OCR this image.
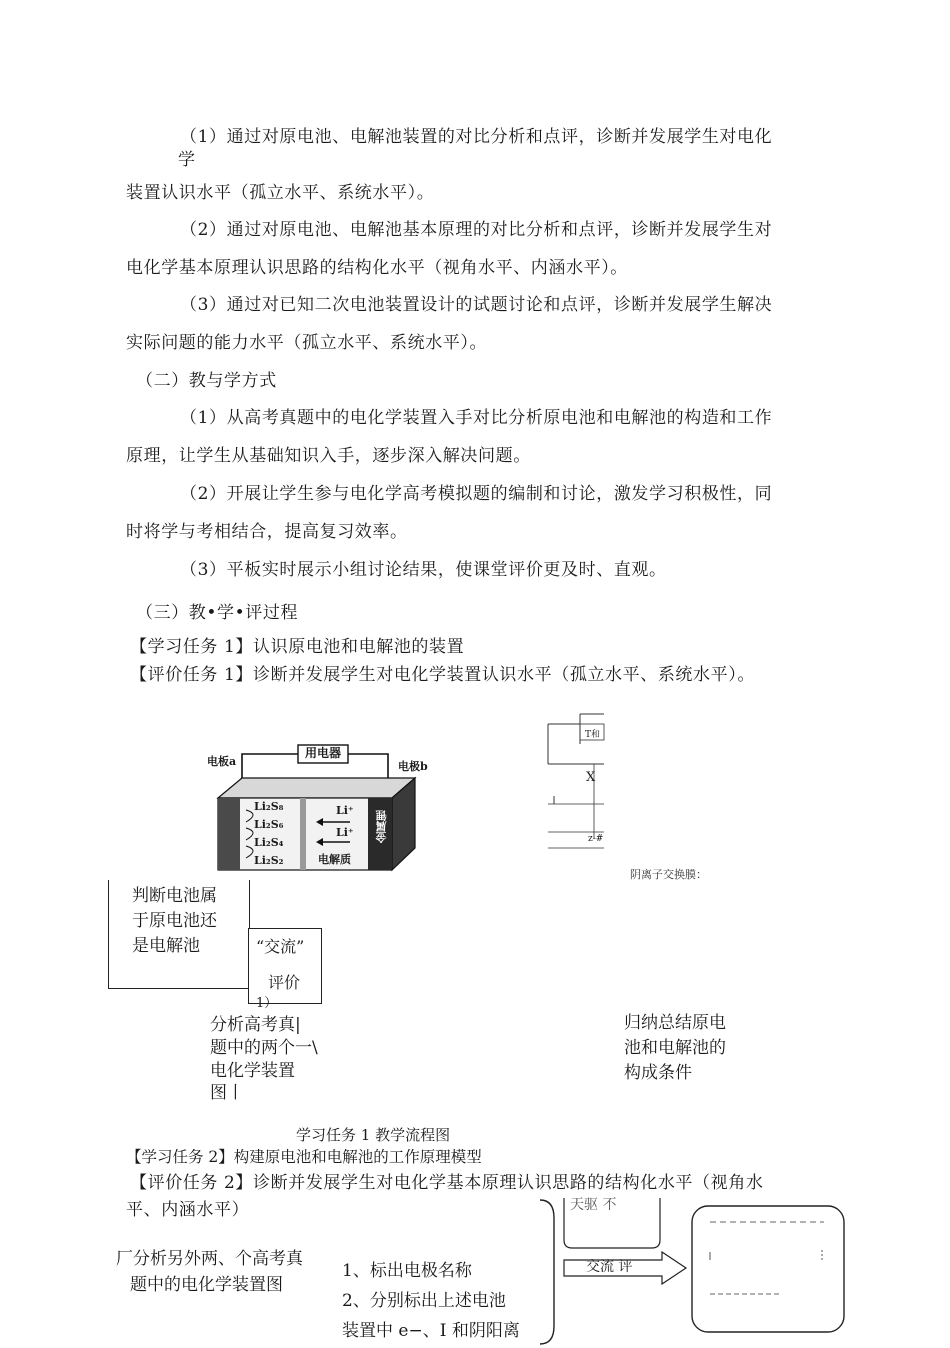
（1）通过对原电池、电解池装置的对比分析和点评，诊断并发展学生对电化
学
装置认识水平（孤立水平、系统水平）。
（2）通过对原电池、电解池基本原理的对比分析和点评，诊断并发展学生对
电化学基本原理认识思路的结构化水平（视角水平、内涵水平）。
（3）通过对已知二次电池装置设计的试题讨论和点评，诊断并发展学生解决
实际问题的能力水平（孤立水平、系统水平）。
（二）教与学方式
（1）从高考真题中的电化学装置入手对比分析原电池和电解池的构造和工作
原理，让学生从基础知识入手，逐步深入解决问题。
（2）开展让学生参与电化学高考模拟题的编制和讨论，激发学习积极性，同
时将学与考相结合，提高复习效率。
（3）平板实时展示小组讨论结果，使课堂评价更及时、直观。
（三）教•学•评过程
【学习任务 1】认识原电池和电解池的装置
【评价任务 1】诊断并发展学生对电化学装置认识水平（孤立水平、系统水平）。
用电器
电板a	电极b
Li₂S₈
Li₂S₆
Li₂S₄
Li₂S₂
Li⁺
Li⁺
电解质
金属锂
T和
X
z-#
阴离子交换膜：
判断电池属
于原电池还
是电解池	“交流”
评价
1）
分析高考真|
题中的两个一\
电化学装置
图丨
归纳总结原电
池和电解池的
构成条件
学习任务 1 教学流程图
【学习任务 2】构建原电池和电解池的工作原理模型
【评价任务 2】诊断并发展学生对电化学基本原理认识思路的结构化水平（视角水
平、内涵水平）
厂分析另外两、个高考真
题中的电化学装置图
1、标出电极名称
2、分别标出上述电池
装置中 e−、I 和阴阳离
天驱 不
交流 评
